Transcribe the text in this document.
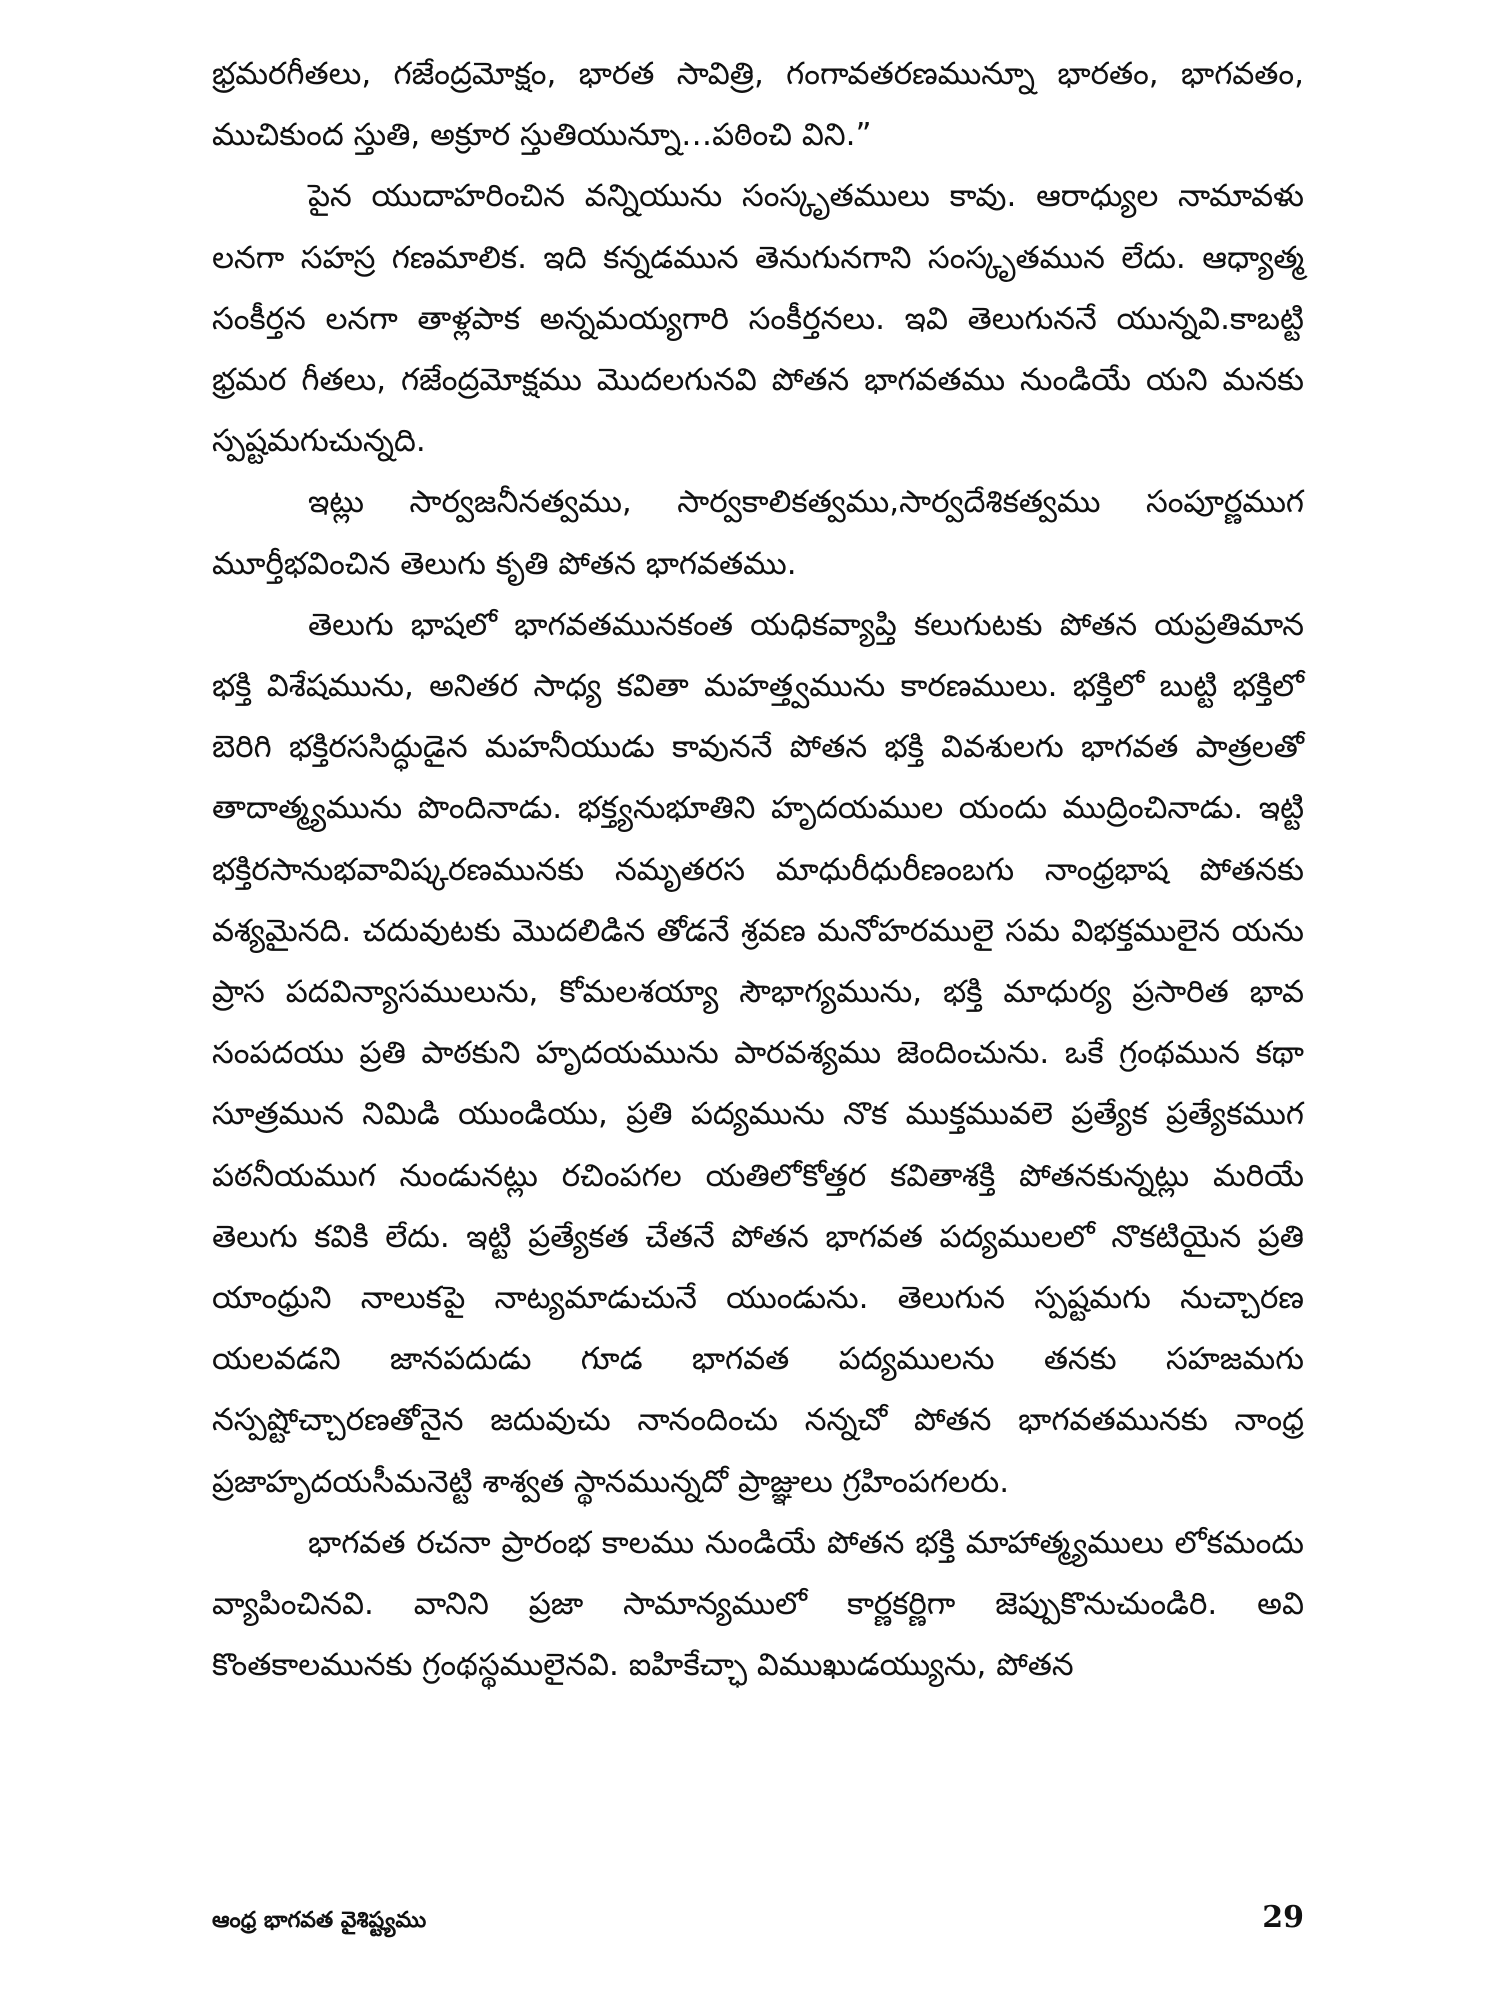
భ్రమరగీతలు, గజేంద్రమోక్షం, భారత సావిత్రి, గంగావతరణమున్నూ భారతం, భాగవతం, ముచికుంద స్తుతి, అక్రూర స్తుతియున్నూ…పఠించి విని.”

పైన యుదాహరించిన వన్నియును సంస్కృతములు కావు. ఆరాధ్యుల నామావళు లనగా సహస్ర గణమాలిక. ఇది కన్నడమున తెనుగునగాని సంస్కృతమున లేదు. ఆధ్యాత్మ సంకీర్తన లనగా తాళ్లపాక అన్నమయ్యగారి సంకీర్తనలు. ఇవి తెలుగుననే యున్నవి.కాబట్టి భ్రమర గీతలు, గజేంద్రమోక్షము మొదలగునవి పోతన భాగవతము నుండియే యని మనకు స్పష్టమగుచున్నది.

ఇట్లు సార్వజనీనత్వము, సార్వకాలికత్వము,సార్వదేశికత్వము సంపూర్ణముగ మూర్తీభవించిన తెలుగు కృతి పోతన భాగవతము.

తెలుగు భాషలో భాగవతమునకంత యధికవ్యాప్తి కలుగుటకు పోతన యప్రతిమాన భక్తి విశేషమును, అనితర సాధ్య కవితా మహత్త్వమును కారణములు. భక్తిలో బుట్టి భక్తిలో బెరిగి భక్తిరససిద్ధుడైన మహనీయుడు కావుననే పోతన భక్తి వివశులగు భాగవత పాత్రలతో తాదాత్మ్యమును పొందినాడు. భక్త్యనుభూతిని హృదయముల యందు ముద్రించినాడు. ఇట్టి భక్తిరసానుభవావిష్కరణమునకు నమృతరస మాధురీధురీణంబగు నాంధ్రభాష పోతనకు వశ్యమైనది. చదువుటకు మొదలిడిన తోడనే శ్రవణ మనోహరములై సమ విభక్తములైన యను ప్రాస పదవిన్యాసములును, కోమలశయ్యా సౌభాగ్యమును, భక్తి మాధుర్య ప్రసారిత భావ సంపదయు ప్రతి పాఠకుని హృదయమును పారవశ్యము జెందించును. ఒకే గ్రంథమున కథా సూత్రమున నిమిడి యుండియు, ప్రతి పద్యమును నొక ముక్తమువలె ప్రత్యేక ప్రత్యేకముగ పఠనీయముగ నుండునట్లు రచింపగల యతిలోకోత్తర కవితాశక్తి పోతనకున్నట్లు మరియే తెలుగు కవికి లేదు. ఇట్టి ప్రత్యేకత చేతనే పోతన భాగవత పద్యములలో నొకటియైన ప్రతి యాంధ్రుని నాలుకపై నాట్యమాడుచునే యుండును. తెలుగున స్పష్టమగు నుచ్చారణ యలవడని జానపదుడు గూడ భాగవత పద్యములను తనకు సహజమగు నస్పష్టోచ్చారణతోనైన జదువుచు నానందించు నన్నచో పోతన భాగవతమునకు నాంధ్ర ప్రజాహృదయసీమనెట్టి శాశ్వత స్థానమున్నదో ప్రాజ్ఞులు గ్రహింపగలరు.

భాగవత రచనా ప్రారంభ కాలము నుండియే పోతన భక్తి మాహాత్మ్యములు లోకమందు వ్యాపించినవి. వానిని ప్రజా సామాన్యములో కార్ణకర్ణిగా జెప్పుకొనుచుండిరి. అవి కొంతకాలమునకు గ్రంథస్థములైనవి. ఐహికేచ్ఛా విముఖుడయ్యును, పోతన

ఆంధ్ర భాగవత వైశిష్ట్యము	29
